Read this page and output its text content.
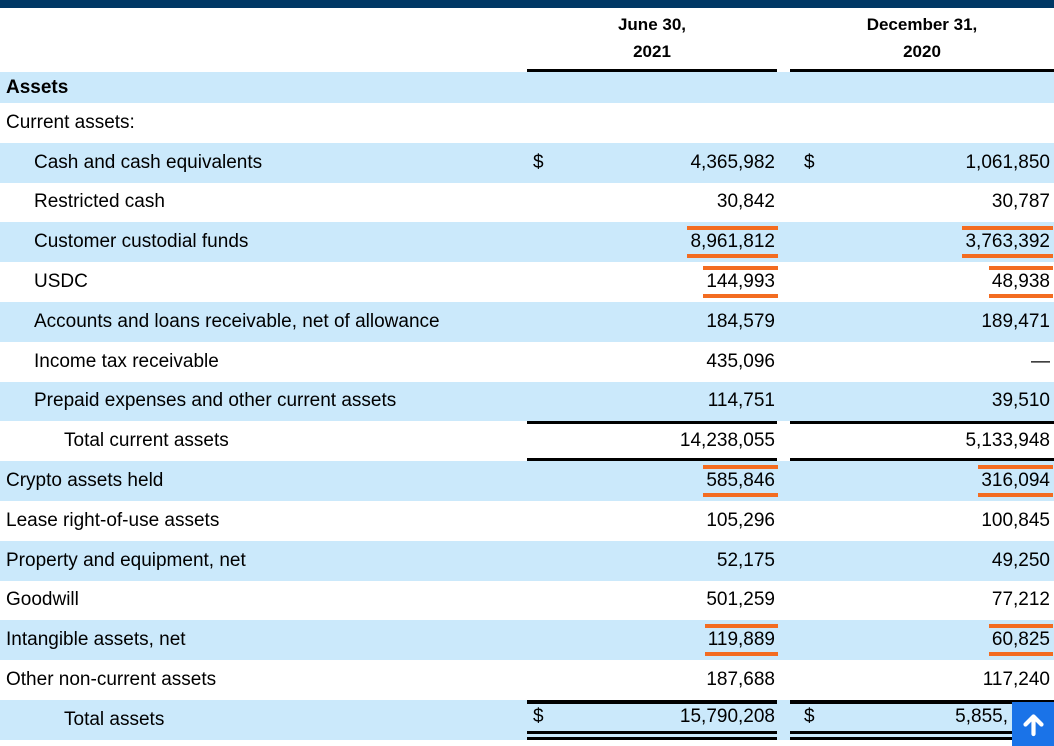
June 30,
2021
December 31,
2020
Assets
Current assets:
Cash and cash equivalents	$	4,365,982 $	1,061,850
Restricted cash	30,842	30,787
Customer custodial funds	8,961,812	3,763,392
USDC	144,993	48,938
Accounts and loans receivable, net of allowance	184,579	189,471
Income tax receivable	435,096	—
Prepaid expenses and other current assets	114,751	39,510
Total current assets	14,238,055	5,133,948
Crypto assets held	585,846	316,094
Lease right-of-use assets	105,296	100,845
Property and equipment, net	52,175	49,250
Goodwill	501,259	77,212
Intangible assets, net	119,889	60,825
Other non-current assets	187,688	117,240
Total assets	$	15,790,208 $	5,855,
